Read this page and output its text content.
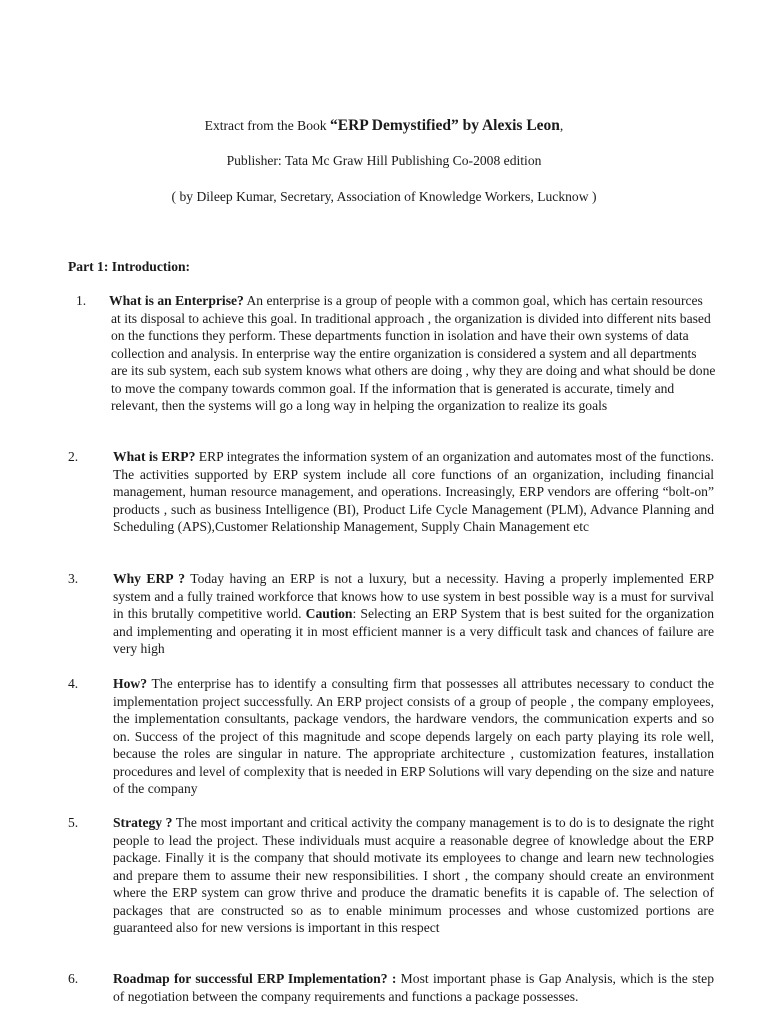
Extract from the Book “ERP Demystified” by Alexis Leon,
Publisher: Tata Mc Graw Hill Publishing Co-2008 edition
( by Dileep Kumar, Secretary, Association of Knowledge Workers, Lucknow )
Part 1: Introduction:
1. What is an Enterprise? An enterprise is a group of people with a common goal, which has certain resources at its disposal to achieve this goal. In traditional approach , the organization is divided into different nits based on the functions they perform. These departments function in isolation and have their own systems of data collection and analysis. In enterprise way the entire organization is considered a system and all departments are its sub system, each sub system knows what others are doing , why they are doing and what should be done to move the company towards common goal. If the information that is generated is accurate, timely and relevant, then the systems will go a long way in helping the organization to realize its goals
2.	What is ERP? ERP integrates the information system of an organization and automates most of the functions. The activities supported by ERP system include all core functions of an organization, including financial management, human resource management, and operations. Increasingly, ERP vendors are offering “bolt-on” products , such as business Intelligence (BI), Product Life Cycle Management (PLM), Advance Planning and Scheduling (APS),Customer Relationship Management, Supply Chain Management etc
3.	Why ERP ? Today having an ERP is not a luxury, but a necessity. Having a properly implemented ERP system and a fully trained workforce that knows how to use system in best possible way is a must for survival in this brutally competitive world. Caution: Selecting an ERP System that is best suited for the organization and implementing and operating it in most efficient manner is a very difficult task and chances of failure are very high
4.	How? The enterprise has to identify a consulting firm that possesses all attributes necessary to conduct the implementation project successfully. An ERP project consists of a group of people , the company employees, the implementation consultants, package vendors, the hardware vendors, the communication experts and so on. Success of the project of this magnitude and scope depends largely on each party playing its role well, because the roles are singular in nature. The appropriate architecture , customization features, installation procedures and level of complexity that is needed in ERP Solutions will vary depending on the size and nature of the company
5.	Strategy ? The most important and critical activity the company management is to do is to designate the right people to lead the project. These individuals must acquire a reasonable degree of knowledge about the ERP package. Finally it is the company that should motivate its employees to change and learn new technologies and prepare them to assume their new responsibilities. I short , the company should create an environment where the ERP system can grow thrive and produce the dramatic benefits it is capable of. The selection of packages that are constructed so as to enable minimum processes and whose customized portions are guaranteed also for new versions is important in this respect
6.	Roadmap for successful ERP Implementation? : Most important phase is Gap Analysis, which is the step of negotiation between the company requirements and functions a package possesses.
